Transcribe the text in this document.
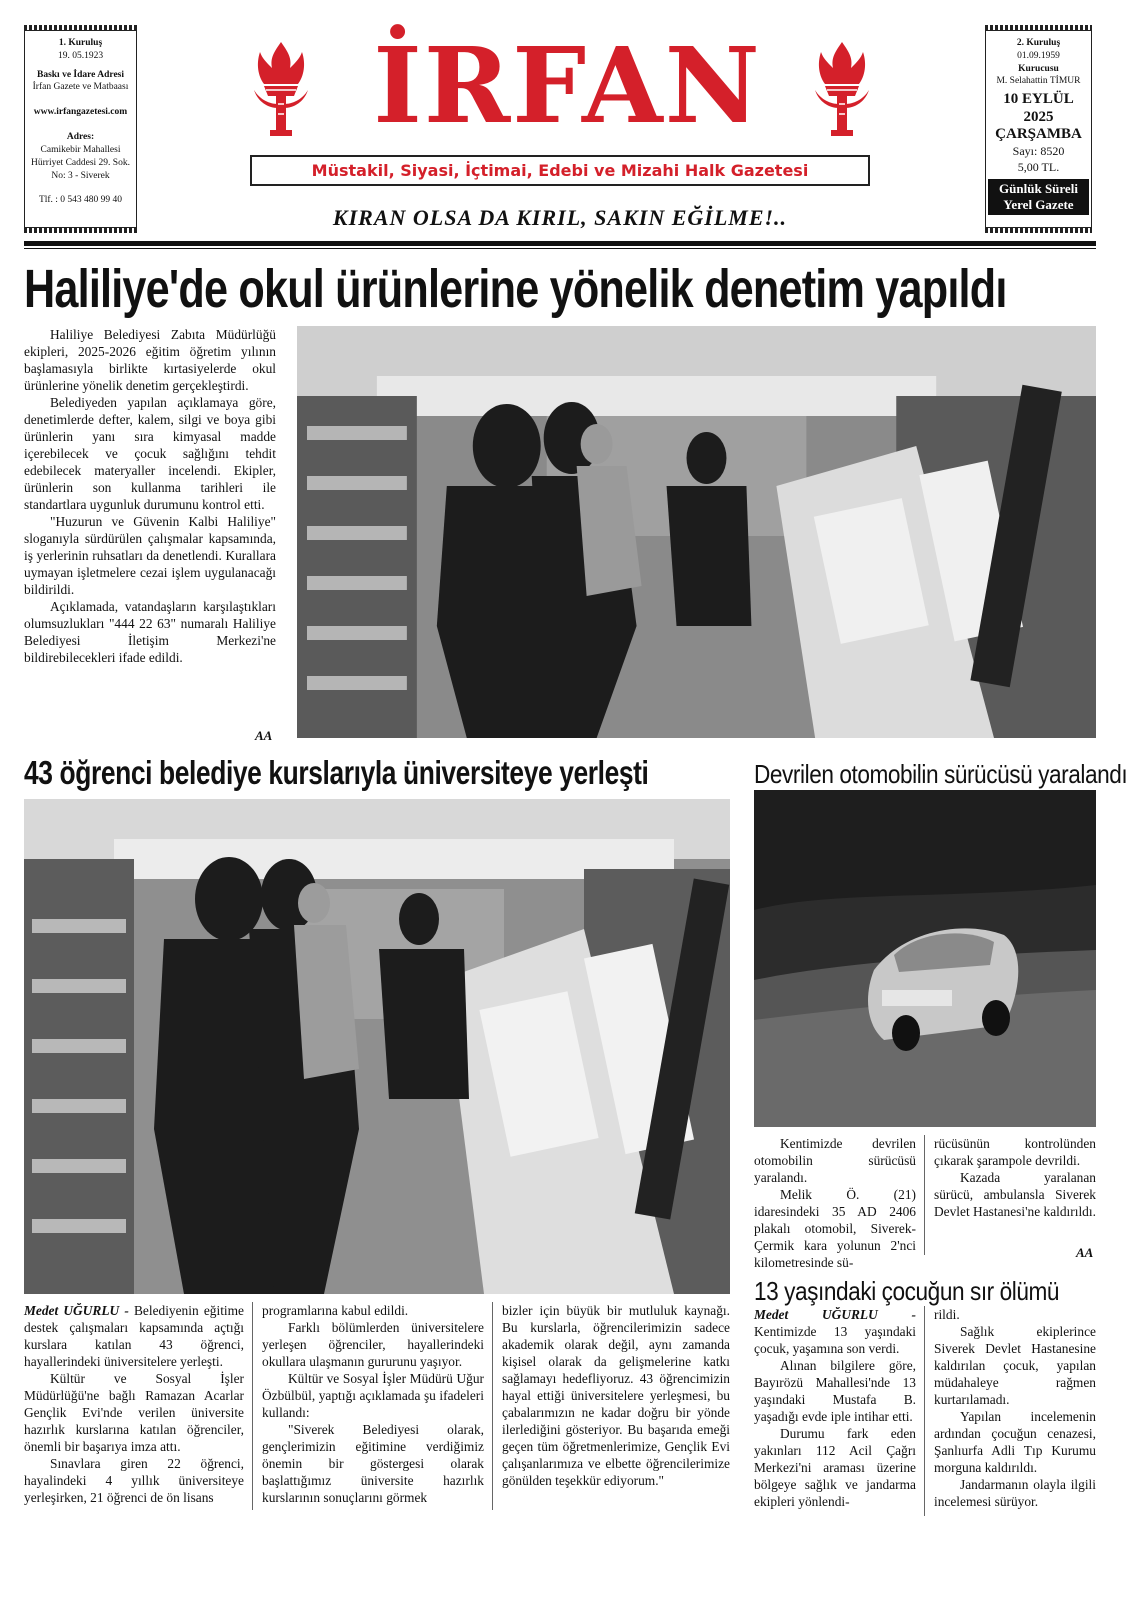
1. Kuruluş
19. 05.1923
Baskı ve İdare Adresi
İrfan Gazete ve Matbaası
www.irfangazetesi.com
Adres:
Camikebir Mahallesi
Hürriyet Caddesi 29. Sok.
No: 3 - Siverek
Tlf. : 0 543 480 99 40
2. Kuruluş
01.09.1959
Kurucusu
M. Selahattin TİMUR
10 EYLÜL
2025
ÇARŞAMBA
Sayı: 8520
5,00 TL.
Günlük Süreli
Yerel Gazete
İRFAN
Müstakil, Siyasi, İçtimai, Edebi ve Mizahi Halk Gazetesi
KIRAN OLSA DA KIRIL, SAKIN EĞİLME!..
Haliliye'de okul ürünlerine yönelik denetim yapıldı

Haliliye Belediyesi Zabıta Müdürlüğü ekipleri, 2025-2026 eğitim öğretim yılının başlamasıyla birlikte kırtasiyelerde okul ürünlerine yönelik denetim gerçekleştirdi.

Belediyeden yapılan açıklamaya göre, denetimlerde defter, kalem, silgi ve boya gibi ürünlerin yanı sıra kimyasal madde içerebilecek ve çocuk sağlığını tehdit edebilecek materyaller incelendi. Ekipler, ürünlerin son kullanma tarihleri ile standartlara uygunluk durumunu kontrol etti.

"Huzurun ve Güvenin Kalbi Haliliye" sloganıyla sürdürülen çalışmalar kapsamında, iş yerlerinin ruhsatları da denetlendi. Kurallara uymayan işletmelere cezai işlem uygulanacağı bildirildi.

Açıklamada, vatandaşların karşılaştıkları olumsuzlukları "444 22 63" numaralı Haliliye Belediyesi İletişim Merkezi'ne bildirebilecekleri ifade edildi.

AA
43 öğrenci belediye kurslarıyla üniversiteye yerleşti

Medet UĞURLU - Belediyenin eğitime destek çalışmaları kapsamında açtığı kurslara katılan 43 öğrenci, hayallerindeki üniversitelere yerleşti.

Kültür ve Sosyal İşler Müdürlüğü'ne bağlı Ramazan Acarlar Gençlik Evi'nde verilen üniversite hazırlık kurslarına katılan öğrenciler, önemli bir başarıya imza attı.

Sınavlara giren 22 öğrenci, hayalindeki 4 yıllık üniversiteye yerleşirken, 21 öğrenci de ön lisans

programlarına kabul edildi.

Farklı bölümlerden üniversitelere yerleşen öğrenciler, hayallerindeki okullara ulaşmanın gururunu yaşıyor.

Kültür ve Sosyal İşler Müdürü Uğur Özbülbül, yaptığı açıklamada şu ifadeleri kullandı:

"Siverek Belediyesi olarak, gençlerimizin eğitimine verdiğimiz önemin bir göstergesi olarak başlattığımız üniversite hazırlık kurslarının sonuçlarını görmek

bizler için büyük bir mutluluk kaynağı. Bu kurslarla, öğrencilerimizin sadece akademik olarak değil, aynı zamanda kişisel olarak da gelişmelerine katkı sağlamayı hedefliyoruz. 43 öğrencimizin hayal ettiği üniversitelere yerleşmesi, bu çabalarımızın ne kadar doğru bir yönde ilerlediğini gösteriyor. Bu başarıda emeği geçen tüm öğretmenlerimize, Gençlik Evi çalışanlarımıza ve elbette öğrencilerimize gönülden teşekkür ediyorum."

Devrilen otomobilin sürücüsü yaralandı

Kentimizde devrilen otomobilin sürücüsü yaralandı.

Melik Ö. (21) idaresindeki 35 AD 2406 plakalı otomobil, Siverek-Çermik kara yolunun 2'nci kilometresinde sü-

rücüsünün kontrolünden çıkarak şarampole devrildi.

Kazada yaralanan sürücü, ambulansla Siverek Devlet Hastanesi'ne kaldırıldı.

AA
13 yaşındaki çocuğun sır ölümü

Medet UĞURLU - Kentimizde 13 yaşındaki çocuk, yaşamına son verdi.

Alınan bilgilere göre, Bayırözü Mahallesi'nde 13 yaşındaki Mustafa B. yaşadığı evde iple intihar etti.

Durumu fark eden yakınları 112 Acil Çağrı Merkezi'ni araması üzerine bölgeye sağlık ve jandarma ekipleri yönlendi-

rildi.

Sağlık ekiplerince Siverek Devlet Hastanesine kaldırılan çocuk, yapılan müdahaleye rağmen kurtarılamadı.

Yapılan incelemenin ardından çocuğun cenazesi, Şanlıurfa Adli Tıp Kurumu morguna kaldırıldı.

Jandarmanın olayla ilgili incelemesi sürüyor.
